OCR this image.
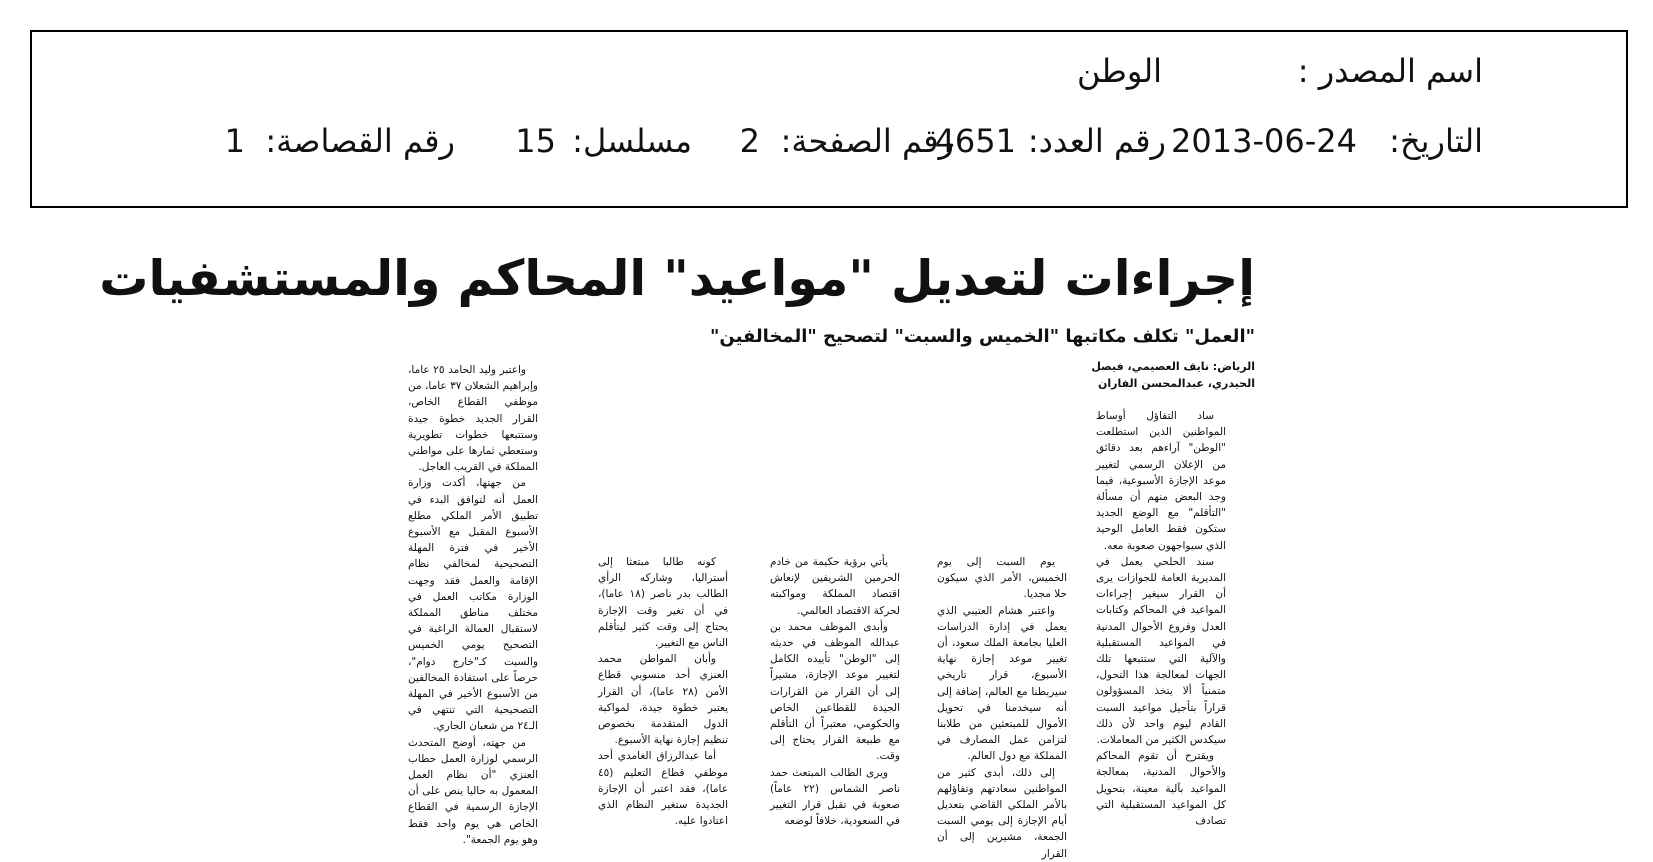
اسم المصدر :
الوطن
التاريخ:
2013-06-24
رقم العدد:
4651
رقم الصفحة:
2
مسلسل:
15
رقم القصاصة:
1
إجراءات لتعديل "مواعيد" المحاكم والمستشفيات
"العمل" تكلف مكاتبها "الخميس والسبت" لتصحيح "المخالفين"
الرياض: نايف العصيمي، فيصل الحيدري، عبدالمحسن الفاران

ساد التفاؤل أوساط المواطنين الذين استطلعت "الوطن" آراءهم بعد دقائق من الإعلان الرسمي لتغيير موعد الإجازة الأسبوعية، فيما وجد البعض منهم أن مسألة "التأقلم" مع الوضع الجديد ستكون فقط العامل الوحيد الذي سيواجهون صعوبة معه.

سند الحلحي يعمل في المديرية العامة للجوازات يرى أن القرار سيغير إجراءات المواعيد في المحاكم وكتابات العدل وفروع الأحوال المدنية في المواعيد المستقبلية والآلية التي ستتبعها تلك الجهات لمعالجة هذا التحول، متمنياً ألا يتخذ المسؤولون قراراً بتأجيل مواعيد السبت القادم ليوم واحد لأن ذلك سيكدس الكثير من المعاملات.

ويقترح أن تقوم المحاكم والأحوال المدنية، بمعالجة المواعيد بآلية معينة، بتحويل كل المواعيد المستقبلية التي تصادف

يوم السبت إلى يوم الخميس، الأمر الذي سيكون حلا مجديا.

واعتبر هشام العتيبي الذي يعمل في إدارة الدراسات العليا بجامعة الملك سعود، أن تغيير موعد إجازة نهاية الأسبوع، قرار تاريخي سيربطنا مع العالم، إضافة إلى أنه سيخدمنا في تحويل الأموال للمبتعثين من طلابنا لتزامن عمل المصارف في المملكة مع دول العالم.

إلى ذلك، أبدى كثير من المواطنين سعادتهم وتفاؤلهم بالأمر الملكي القاضي بتعديل أيام الإجازة إلى يومي السبت الجمعة، مشيرين إلى أن القرار

يأتي برؤية حكيمة من خادم الحرمين الشريفين لإنعاش اقتصاد المملكة ومواكبته لحركة الاقتصاد العالمي.

وأبدى الموظف محمد بن عبدالله الموظف في حديثه إلى "الوطن" تأييده الكامل لتغيير موعد الإجازة، مشيراً إلى أن القرار من القرارات الجيدة للقطاعين الخاص والحكومي، معتبراً أن التأقلم مع طبيعة القرار يحتاج إلى وقت.

ويرى الطالب المبتعث حمد ناصر الشماس (٢٢ عاماً) صعوبة في تقبل قرار التغيير في السعودية، خلافاً لوضعه

كونه طالبا مبتعثا إلى أستراليا، وشاركه الرأي الطالب بدر ناصر (١٨ عاما)، في أن تغير وقت الإجازة يحتاج إلى وقت كثير ليتأقلم الناس مع التغيير.

وأبان المواطن محمد العنزي أحد منسوبي قطاع الأمن (٢٨ عاما)، أن القرار يعتبر خطوة جيدة، لمواكبة الدول المتقدمة بخصوص تنظيم إجازة نهاية الأسبوع.

أما عبدالرزاق الغامدي أحد موظفي قطاع التعليم (٤٥ عاما)، فقد اعتبر أن الإجازة الجديدة ستغير النظام الذي اعتادوا عليه.

واعتبر وليد الحامد ٢٥ عاما، وإبراهيم الشعلان ٣٧ عاما، من موظفي القطاع الخاص، القرار الجديد خطوة جيدة وستتبعها خطوات تطويرية وستعطي ثمارها على مواطني المملكة في القريب العاجل.

من جهتها، أكدت وزارة العمل أنه لتوافق البدء في تطبيق الأمر الملكي مطلع الأسبوع المقبل مع الأسبوع الأخير في فترة المهلة التصحيحية لمخالفي نظام الإقامة والعمل فقد وجهت الوزارة مكاتب العمل في مختلف مناطق المملكة لاستقبال العمالة الراغبة في التصحيح يومي الخميس والسبت كـ"خارج دوام"، حرصاً على استفادة المخالفين من الأسبوع الأخير في المهلة التصحيحية التي تنتهي في الـ٢٤ من شعبان الجاري.

من جهته، أوضح المتحدث الرسمي لوزارة العمل حطاب العنزي "أن نظام العمل المعمول به حاليا ينص على أن الإجازة الرسمية في القطاع الخاص هي يوم واحد فقط وهو يوم الجمعة".
